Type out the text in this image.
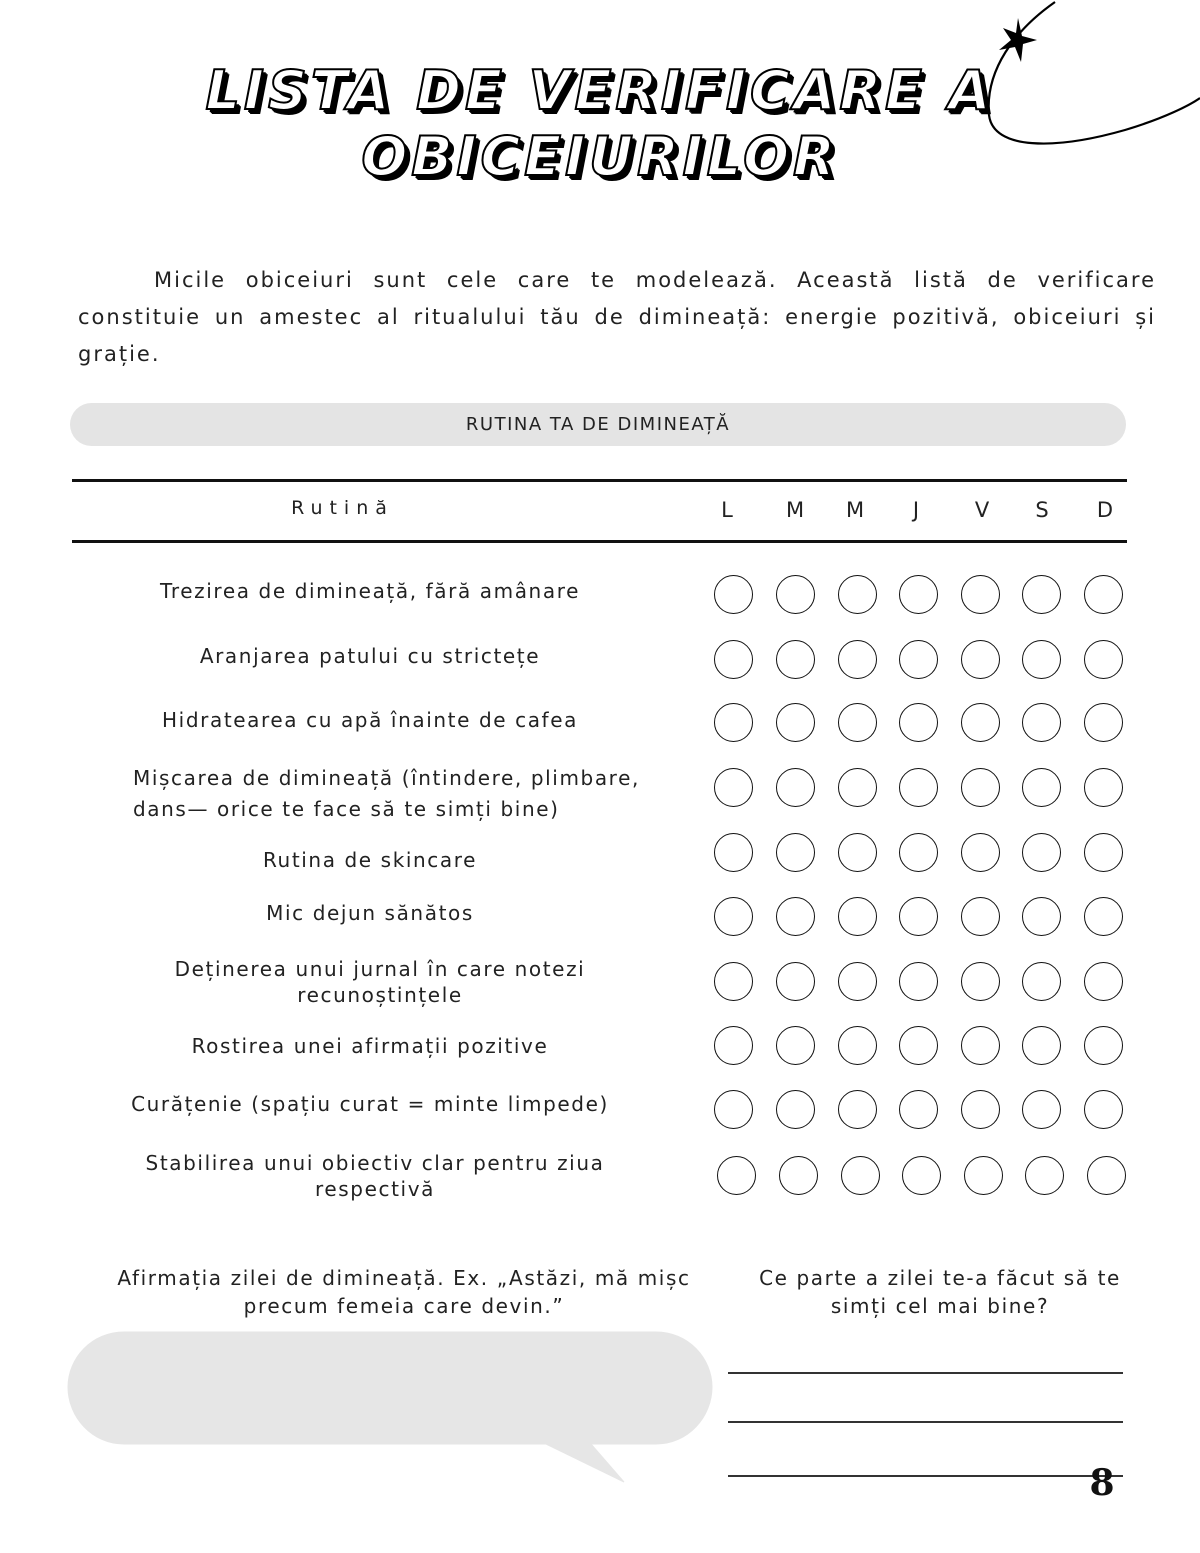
LISTA DE VERIFICARE A
OBICEIURILOR

Micile obiceiuri sunt cele care te modelează. Această listă de verificare constituie un amestec al ritualului tău de dimineață: energie pozitivă, obiceiuri și grație.

RUTINA TA DE DIMINEAȚĂ
Rutină	L	M	M	J	V	S	D
Trezirea de dimineață, fără amânare
Aranjarea patului cu strictețe
Hidratearea cu apă înainte de cafea
Mișcarea de dimineață (întindere, plimbare, dans— orice te face să te simți bine)
Rutina de skincare
Mic dejun sănătos
Deținerea unui jurnal în care notezi recunoștințele
Rostirea unei afirmații pozitive
Curățenie (spațiu curat = minte limpede)
Stabilirea unui obiectiv clar pentru ziua respectivă
Afirmația zilei de dimineață. Ex. „Astăzi, mă mișc precum femeia care devin.”
Ce parte a zilei te-a făcut să te simți cel mai bine?
8
